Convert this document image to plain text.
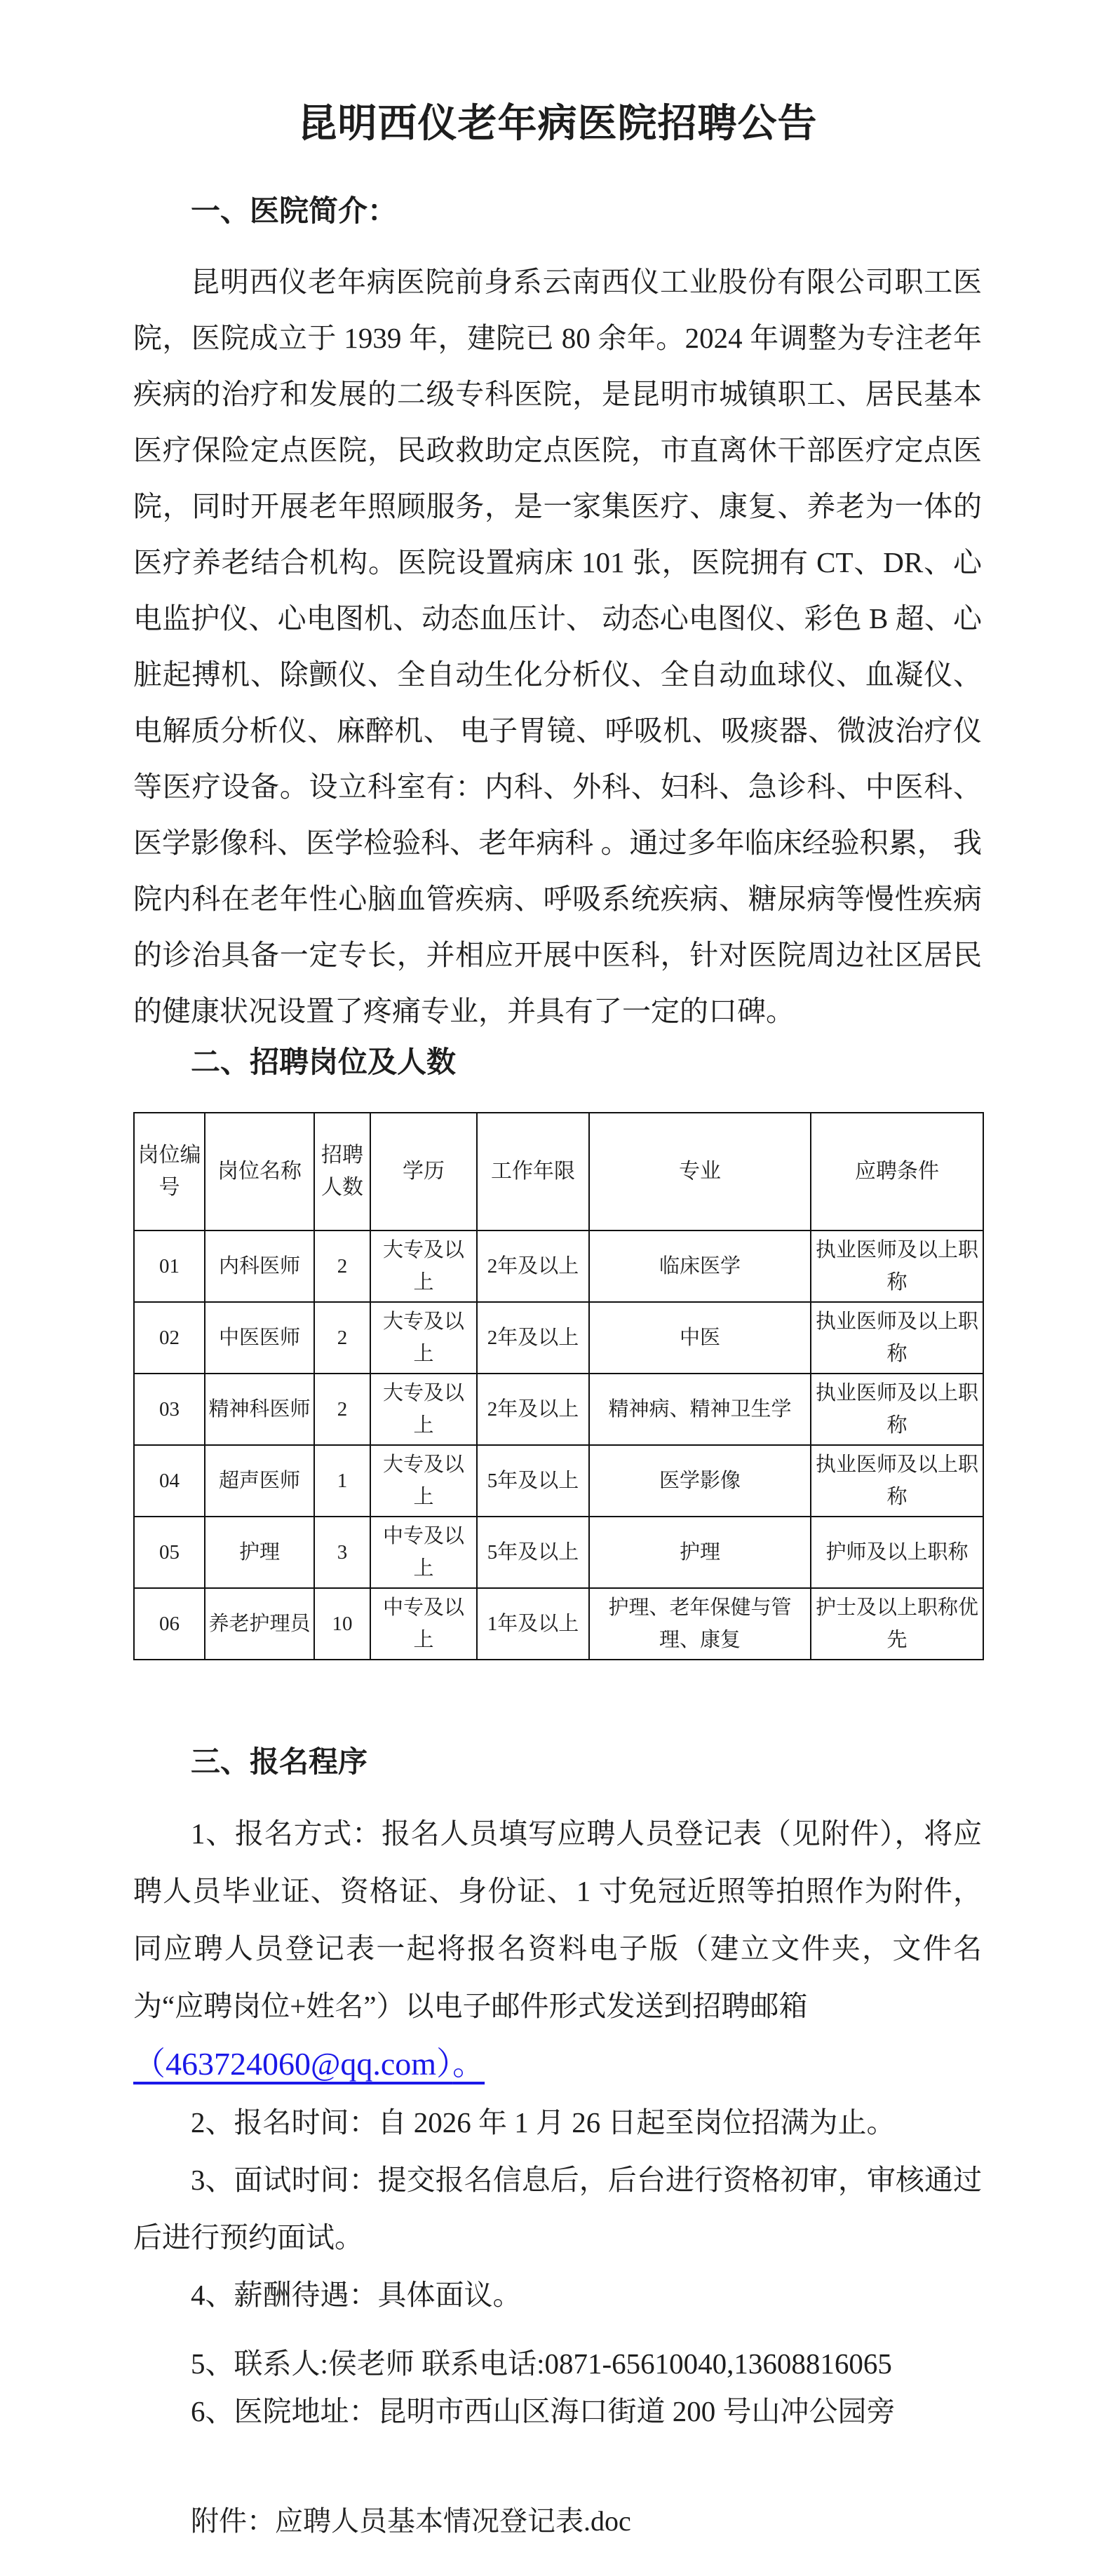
昆明西仪老年病医院招聘公告
一、医院简介：

昆明西仪老年病医院前身系云南西仪工业股份有限公司职工医院，医院成立于 1939 年，建院已 80 余年。2024 年调整为专注老年疾病的治疗和发展的二级专科医院，是昆明市城镇职工、居民基本医疗保险定点医院，民政救助定点医院，市直离休干部医疗定点医院，同时开展老年照顾服务，是一家集医疗、康复、养老为一体的医疗养老结合机构。医院设置病床 101 张，医院拥有 CT、DR、心电监护仪、心电图机、动态血压计、 动态心电图仪、彩色 B 超、心脏起搏机、除颤仪、全自动生化分析仪、全自动血球仪、血凝仪、电解质分析仪、麻醉机、 电子胃镜、呼吸机、吸痰器、微波治疗仪等医疗设备。设立科室有：内科、外科、妇科、急诊科、中医科、医学影像科、医学检验科、老年病科 。通过多年临床经验积累， 我院内科在老年性心脑血管疾病、呼吸系统疾病、糖尿病等慢性疾病的诊治具备一定专长，并相应开展中医科，针对医院周边社区居民的健康状况设置了疼痛专业，并具有了一定的口碑。

二、招聘岗位及人数
岗位编号	岗位名称	招聘人数	学历	工作年限	专业	应聘条件
01	内科医师	2	大专及以上	2年及以上	临床医学	执业医师及以上职称
02	中医医师	2	大专及以上	2年及以上	中医	执业医师及以上职称
03	精神科医师	2	大专及以上	2年及以上	精神病、精神卫生学	执业医师及以上职称
04	超声医师	1	大专及以上	5年及以上	医学影像	执业医师及以上职称
05	护理	3	中专及以上	5年及以上	护理	护师及以上职称
06	养老护理员	10	中专及以上	1年及以上	护理、老年保健与管理、康复	护士及以上职称优先
三、报名程序

1、报名方式：报名人员填写应聘人员登记表（见附件），将应聘人员毕业证、资格证、身份证、1 寸免冠近照等拍照作为附件，同应聘人员登记表一起将报名资料电子版（建立文件夹，文件名为“应聘岗位+姓名”）以电子邮件形式发送到招聘邮箱

（463724060@qq.com）。

2、报名时间：自 2026 年 1 月 26 日起至岗位招满为止。

3、面试时间：提交报名信息后，后台进行资格初审，审核通过后进行预约面试。

4、薪酬待遇：具体面议。

5、联系人:侯老师 联系电话:0871-65610040,13608816065

6、医院地址：昆明市西山区海口街道 200 号山冲公园旁

附件：应聘人员基本情况登记表.doc
